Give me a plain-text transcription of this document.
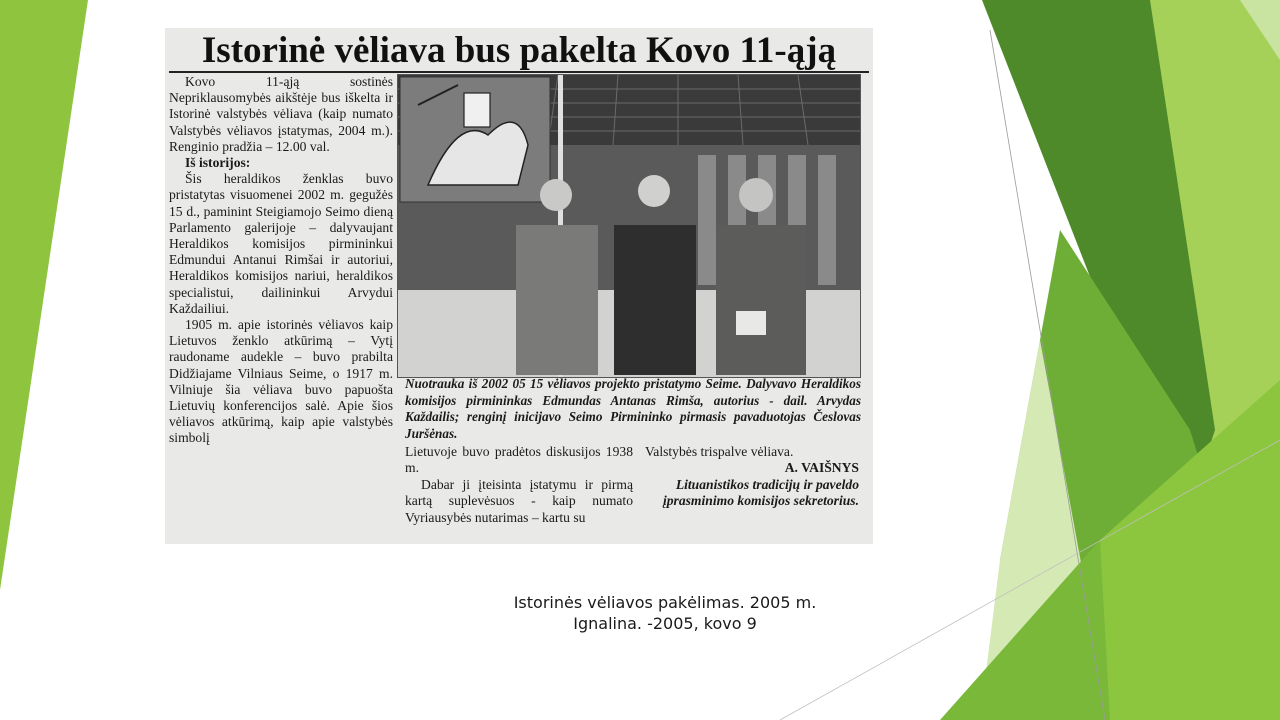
Istorinė vėliava bus pakelta Kovo 11-ąją

Kovo 11-ąją sostinės Nepriklausomybės aikštėje bus iškelta ir Istorinė valstybės vėliava (kaip numato Valstybės vėliavos įstatymas, 2004 m.). Renginio pradžia – 12.00 val.

Iš istorijos:

Šis heraldikos ženklas buvo pristatytas visuomenei 2002 m. gegužės 15 d., paminint Steigiamojo Seimo dieną Parlamento galerijoje – dalyvaujant Heraldikos komisijos pirmininkui Edmundui Antanui Rimšai ir autoriui, Heraldikos komisijos nariui, heraldikos specialistui, dailininkui Arvydui Každailiui.

1905 m. apie istorinės vėliavos kaip Lietuvos ženklo atkūrimą – Vytį raudoname audekle – buvo prabilta Didžiajame Vilniaus Seime, o 1917 m. Vilniuje šia vėliava buvo papuošta Lietuvių konferencijos salė. Apie šios vėliavos atkūrimą, kaip apie valstybės simbolį

Nuotrauka iš 2002 05 15 vėliavos projekto pristatymo Seime. Dalyvavo Heraldikos komisijos pirmininkas Edmundas Antanas Rimša, autorius - dail. Arvydas Každailis; renginį inicijavo Seimo Pirmininko pirmasis pavaduotojas Česlovas Juršėnas.

Lietuvoje buvo pradėtos diskusijos 1938 m.

Dabar ji įteisinta įstatymu ir pirmą kartą suplevėsuos - kaip numato Vyriausybės nutarimas – kartu su

Valstybės trispalve vėliava.

A. VAIŠNYS

Lituanistikos tradicijų ir paveldo įprasminimo komisijos sekretorius.

Istorinės vėliavos pakėlimas. 2005 m.
Ignalina. -2005, kovo 9
